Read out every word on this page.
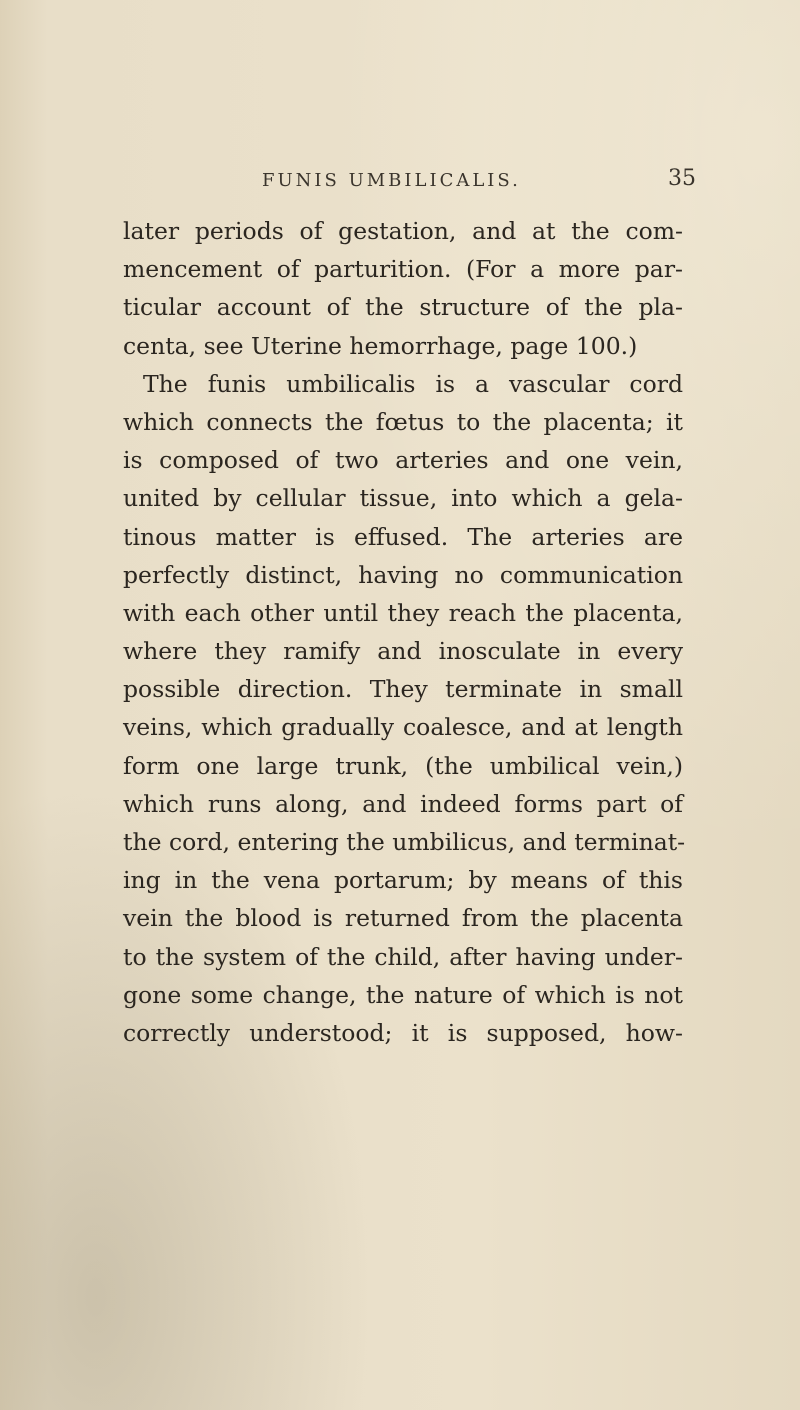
FUNIS UMBILICALIS.	35
later periods of gestation, and at the com-
mencement of parturition. (For a more par-
ticular account of the structure of the pla-
centa, see Uterine hemorrhage, page 100.)
The funis umbilicalis is a vascular cord
which connects the fœtus to the placenta; it
is composed of two arteries and one vein,
united by cellular tissue, into which a gela-
tinous matter is effused. The arteries are
perfectly distinct, having no communication
with each other until they reach the placenta,
where they ramify and inosculate in every
possible direction. They terminate in small
veins, which gradually coalesce, and at length
form one large trunk, (the umbilical vein,)
which runs along, and indeed forms part of
the cord, entering the umbilicus, and terminat-
ing in the vena portarum; by means of this
vein the blood is returned from the placenta
to the system of the child, after having under-
gone some change, the nature of which is not
correctly understood; it is supposed, how-
